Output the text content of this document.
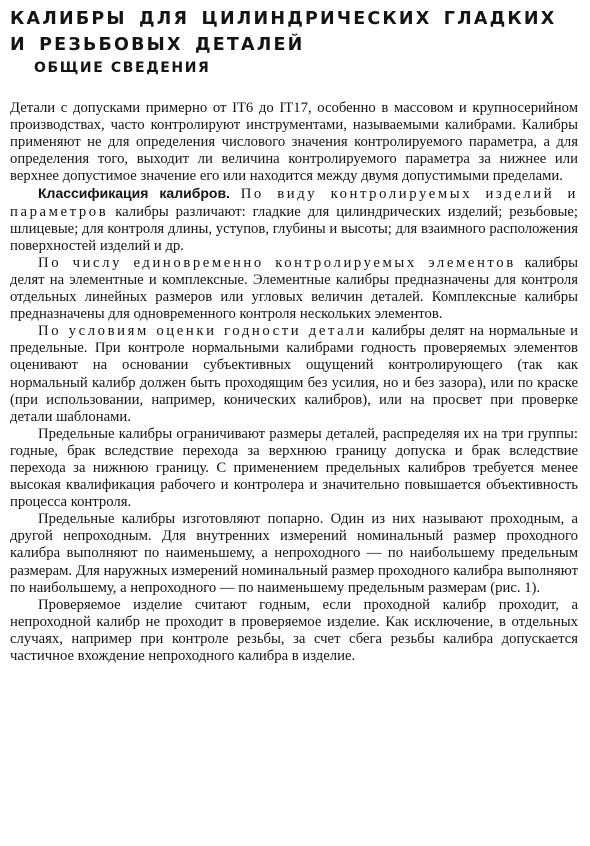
КАЛИБРЫ ДЛЯ ЦИЛИНДРИЧЕСКИХ ГЛАДКИХ
И РЕЗЬБОВЫХ ДЕТАЛЕЙ
ОБЩИЕ СВЕДЕНИЯ

Детали с допусками примерно от IT6 до IT17, особенно в массовом и крупносерийном производствах, часто контролируют инструментами, называемыми калибрами. Калибры применяют не для определения числового значения контролируемого параметра, а для определения того, выходит ли величина контролируемого параметра за нижнее или верхнее допустимое значение его или находится между двумя допустимыми пределами.

Классификация калибров. По виду контролируемых изделий и параметров калибры различают: гладкие для цилиндрических изделий; резьбовые; шлицевые; для контроля длины, уступов, глубины и высоты; для взаимного расположения поверхностей изделий и др.

По числу единовременно контролируемых элементов калибры делят на элементные и комплексные. Элементные калибры предназначены для контроля отдельных линейных размеров или угловых величин деталей. Комплексные калибры предназначены для одновременного контроля нескольких элементов.

По условиям оценки годности детали калибры делят на нормальные и предельные. При контроле нормальными калибрами годность проверяемых элементов оценивают на основании субъективных ощущений контролирующего (так как нормальный калибр должен быть проходящим без усилия, но и без зазора), или по краске (при использовании, например, конических калибров), или на просвет при проверке детали шаблонами.

Предельные калибры ограничивают размеры деталей, распределяя их на три группы: годные, брак вследствие перехода за верхнюю границу допуска и брак вследствие перехода за нижнюю границу. С применением предельных калибров требуется менее высокая квалификация рабочего и контролера и значительно повышается объективность процесса контроля.

Предельные калибры изготовляют попарно. Один из них называют проходным, а другой непроходным. Для внутренних измерений номинальный размер проходного калибра выполняют по наименьшему, а непроходного — по наибольшему предельным размерам. Для наружных измерений номинальный размер проходного калибра выполняют по наибольшему, а непроходного — по наименьшему предельным размерам (рис. 1).

Проверяемое изделие считают годным, если проходной калибр проходит, а непроходной калибр не проходит в проверяемое изделие. Как исключение, в отдельных случаях, например при контроле резьбы, за счет сбега резьбы калибра допускается частичное вхождение непроходного калибра в изделие.
